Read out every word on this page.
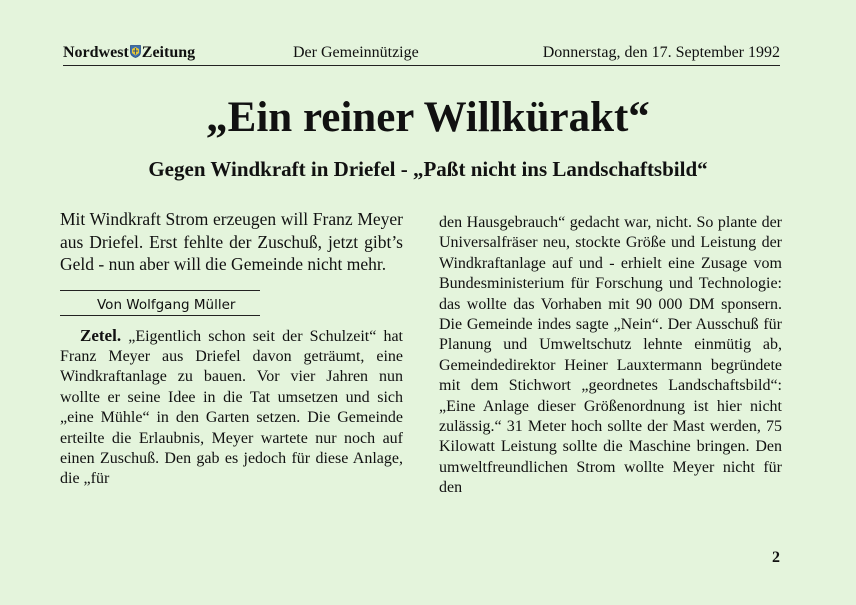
Nordwest Zeitung	Der Gemeinnützige	Donnerstag, den 17. September 1992
„Ein reiner Willkürakt“
Gegen Windkraft in Driefel - „Paßt nicht ins Landschaftsbild“

Mit Windkraft Strom erzeugen will Franz Meyer aus Driefel. Erst fehlte der Zuschuß, jetzt gibt’s Geld - nun aber will die Gemeinde nicht mehr.

Von Wolfgang Müller

Zetel. „Eigentlich schon seit der Schulzeit“ hat Franz Meyer aus Driefel davon geträumt, eine Windkraftanlage zu bauen. Vor vier Jahren nun wollte er seine Idee in die Tat umsetzen und sich „eine Mühle“ in den Garten setzen. Die Gemeinde erteilte die Erlaubnis, Meyer wartete nur noch auf einen Zuschuß. Den gab es jedoch für diese Anlage, die „für

den Hausgebrauch“ gedacht war, nicht. So plante der Universalfräser neu, stockte Größe und Leistung der Windkraftanlage auf und - erhielt eine Zusage vom Bundesministerium für Forschung und Technologie: das wollte das Vorhaben mit 90 000 DM sponsern. Die Gemeinde indes sagte „Nein“. Der Ausschuß für Planung und Umweltschutz lehnte einmütig ab, Gemeindedirektor Heiner Lauxtermann begründete mit dem Stichwort „geordnetes Landschaftsbild“: „Eine Anlage dieser Größenordnung ist hier nicht zulässig.“ 31 Meter hoch sollte der Mast werden, 75 Kilowatt Leistung sollte die Maschine bringen. Den umweltfreundlichen Strom wollte Meyer nicht für den

2
